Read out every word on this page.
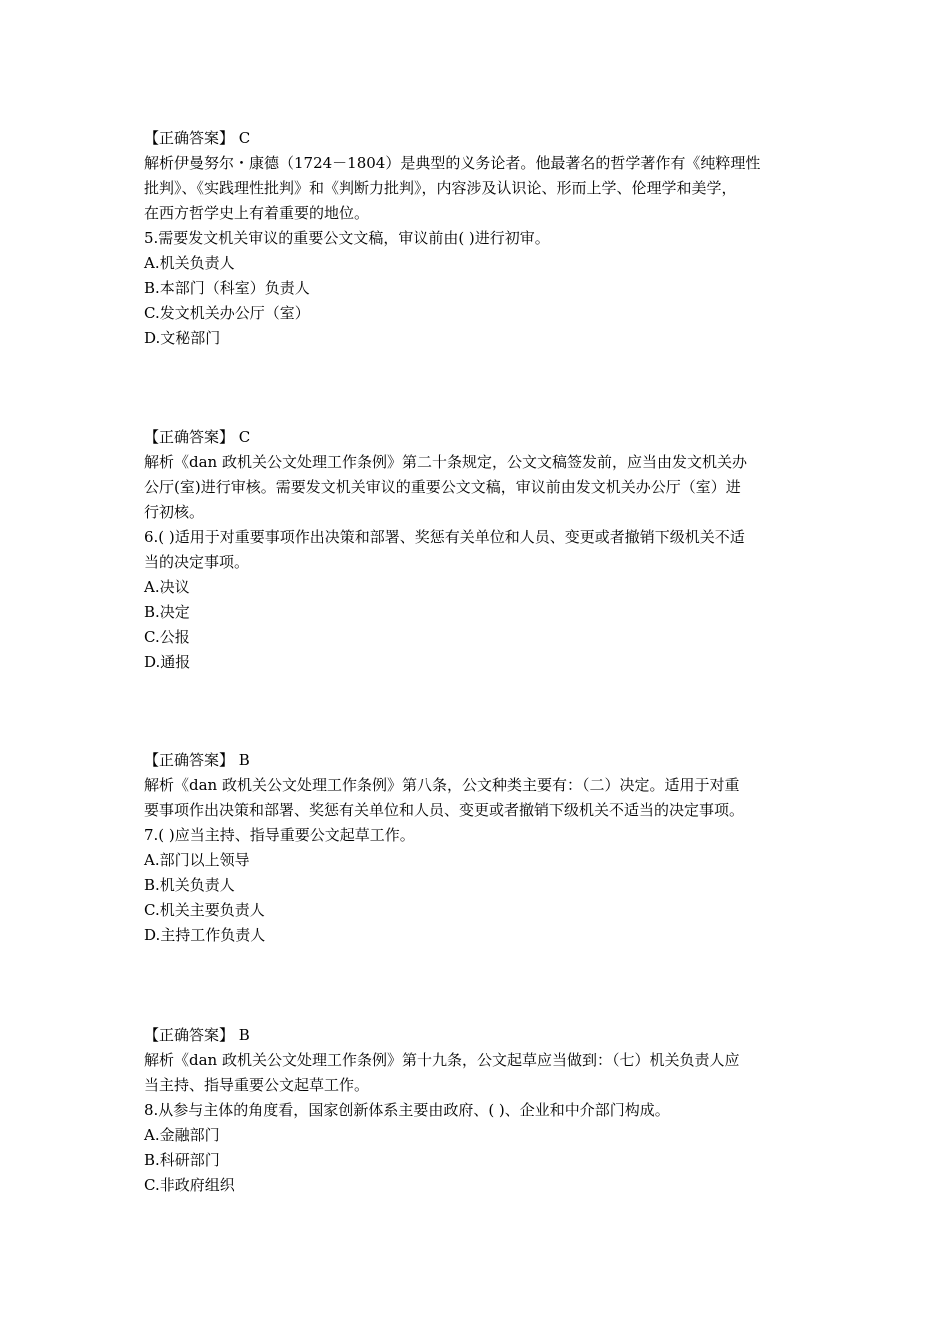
【正确答案】 C
解析伊曼努尔・康德（1724－1804）是典型的义务论者。他最著名的哲学著作有《纯粹理性
批判》、《实践理性批判》和《判断力批判》，内容涉及认识论、形而上学、伦理学和美学，
在西方哲学史上有着重要的地位。
5.需要发文机关审议的重要公文文稿，审议前由( )进行初审。
A.机关负责人
B.本部门（科室）负责人
C.发文机关办公厅（室）
D.文秘部门
【正确答案】 C
解析《dan 政机关公文处理工作条例》第二十条规定，公文文稿签发前，应当由发文机关办
公厅(室)进行审核。需要发文机关审议的重要公文文稿，审议前由发文机关办公厅（室）进
行初核。
6.( )适用于对重要事项作出决策和部署、奖惩有关单位和人员、变更或者撤销下级机关不适
当的决定事项。
A.决议
B.决定
C.公报
D.通报
【正确答案】 B
解析《dan 政机关公文处理工作条例》第八条，公文种类主要有：（二）决定。适用于对重
要事项作出决策和部署、奖惩有关单位和人员、变更或者撤销下级机关不适当的决定事项。
7.( )应当主持、指导重要公文起草工作。
A.部门以上领导
B.机关负责人
C.机关主要负责人
D.主持工作负责人
【正确答案】 B
解析《dan 政机关公文处理工作条例》第十九条，公文起草应当做到：（七）机关负责人应
当主持、指导重要公文起草工作。
8.从参与主体的角度看，国家创新体系主要由政府、( )、企业和中介部门构成。
A.金融部门
B.科研部门
C.非政府组织
